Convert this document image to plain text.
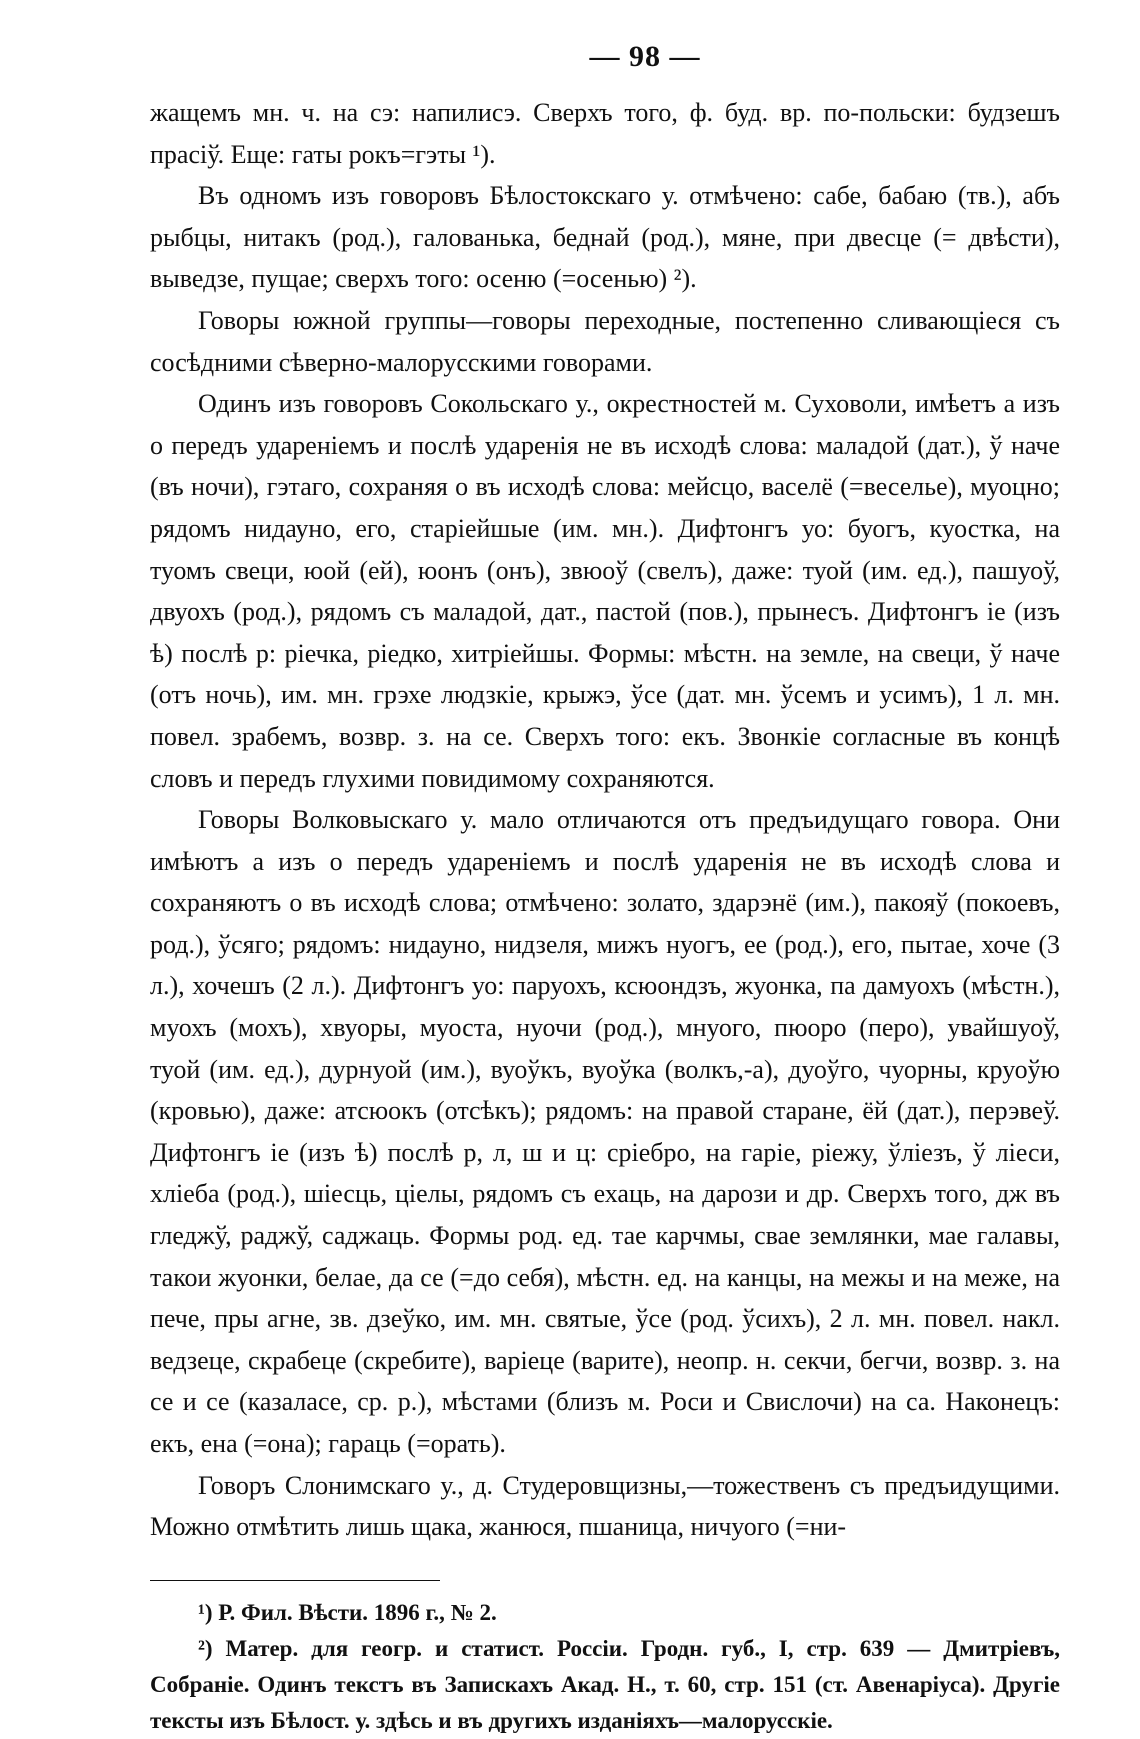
— 98 —

жащемъ мн. ч. на сэ: напилисэ. Сверхъ того, ф. буд. вр. по-польски: будзешъ прасіў. Еще: гаты рокъ=гэты ¹).

Въ одномъ изъ говоровъ Бѣлостокскаго у. отмѣчено: сабе, бабаю (тв.), абъ рыбцы, нитакъ (род.), галованька, беднай (род.), мяне, при двесце (= двѣсти), выведзе, пущае; сверхъ того: осеню (=осенью) ²).

Говоры южной группы—говоры переходные, постепенно сливающіеся съ сосѣдними сѣверно-малорусскими говорами.

Одинъ изъ говоровъ Сокольскаго у., окрестностей м. Суховоли, имѣетъ а изъ о передъ удареніемъ и послѣ ударенія не въ исходѣ слова: маладой (дат.), ў наче (въ ночи), гэтаго, сохраняя о въ исходѣ слова: мейсцо, васелё (=веселье), муоцно; рядомъ нидауно, его, старіейшые (им. мн.). Дифтонгъ уо: буогъ, куостка, на туомъ свеци, юой (ей), юонъ (онъ), звюоў (свелъ), даже: туой (им. ед.), пашуоў, двуохъ (род.), рядомъ съ маладой, дат., пастой (пов.), прынесъ. Дифтонгъ іе (изъ ѣ) послѣ р: ріечка, ріедко, хитріейшы. Формы: мѣстн. на земле, на свеци, ў наче (отъ ночь), им. мн. грэхе людзкіе, крыжэ, ўсе (дат. мн. ўсемъ и усимъ), 1 л. мн. повел. зрабемъ, возвр. з. на се. Сверхъ того: екъ. Звонкіе согласные въ концѣ словъ и передъ глухими повидимому сохраняются.

Говоры Волковыскаго у. мало отличаются отъ предъидущаго говора. Они имѣютъ а изъ о передъ удареніемъ и послѣ ударенія не въ исходѣ слова и сохраняютъ о въ исходѣ слова; отмѣчено: золато, здарэнё (им.), пакояў (покоевъ, род.), ўсяго; рядомъ: нидауно, нидзеля, мижъ нуогъ, ее (род.), его, пытае, хоче (3 л.), хочешъ (2 л.). Дифтонгъ уо: паруохъ, ксюондзъ, жуонка, па дамуохъ (мѣстн.), муохъ (мохъ), хвуоры, муоста, нуочи (род.), мнуого, пюоро (перо), увайшуоў, туой (им. ед.), дурнуой (им.), вуоўкъ, вуоўка (волкъ,-а), дуоўго, чуорны, круоўю (кровью), даже: атсюокъ (отсѣкъ); рядомъ: на правой старане, ёй (дат.), перэвеў. Дифтонгъ іе (изъ ѣ) послѣ р, л, ш и ц: сріебро, на гаріе, ріежу, ўліезъ, ў ліеси, хліеба (род.), шіесць, ціелы, рядомъ съ ехаць, на дарози и др. Сверхъ того, дж въ гледжў, раджў, саджаць. Формы род. ед. тае карчмы, свае землянки, мае галавы, такои жуонки, белае, да се (=до себя), мѣстн. ед. на канцы, на межы и на меже, на пече, пры агне, зв. дзеўко, им. мн. святые, ўсе (род. ўсихъ), 2 л. мн. повел. накл. ведзеце, скрабеце (скребите), варіеце (варите), неопр. н. секчи, бегчи, возвр. з. на се и се (казаласе, ср. р.), мѣстами (близъ м. Роси и Свислочи) на са. Наконецъ: екъ, ена (=она); гараць (=орать).

Говоръ Слонимскаго у., д. Студеровщизны,—тожественъ съ предъидущими. Можно отмѣтить лишь щака, жанюся, пшаница, ничуого (=ни-

¹) Р. Фил. Вѣсти. 1896 г., № 2.

²) Матер. для геогр. и статист. Россіи. Гродн. губ., I, стр. 639 — Дмитріевъ, Собраніе. Одинъ текстъ въ Запискахъ Акад. Н., т. 60, стр. 151 (ст. Авенаріуса). Другіе тексты изъ Бѣлост. у. здѣсь и въ другихъ изданіяхъ—малорусскіе.
